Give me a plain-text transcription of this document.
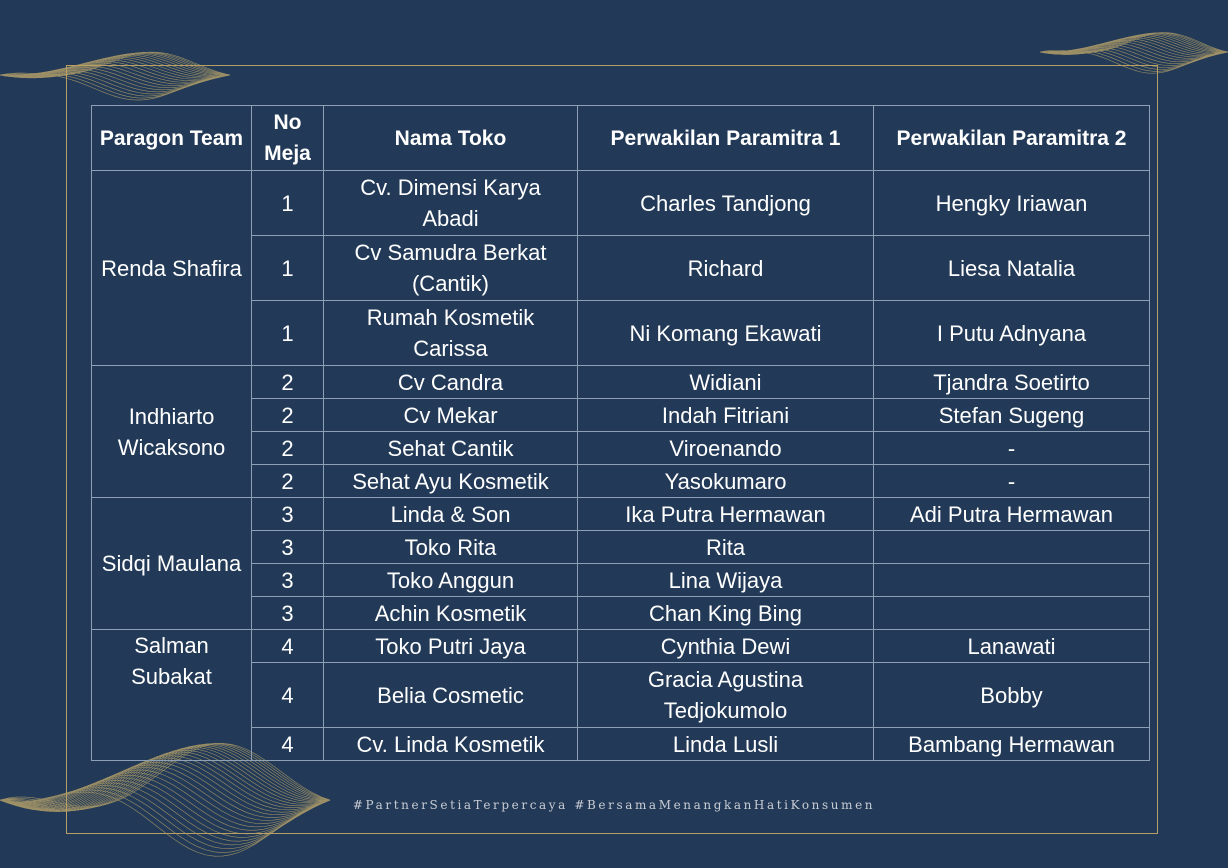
Paragon Team	No Meja	Nama Toko	Perwakilan Paramitra 1	Perwakilan Paramitra 2
Renda Shafira	1	Cv. Dimensi Karya Abadi	Charles Tandjong	Hengky Iriawan
	1	Cv Samudra Berkat (Cantik)	Richard	Liesa Natalia
	1	Rumah Kosmetik Carissa	Ni Komang Ekawati	I Putu Adnyana
Indhiarto Wicaksono	2	Cv Candra	Widiani	Tjandra Soetirto
	2	Cv Mekar	Indah Fitriani	Stefan Sugeng
	2	Sehat Cantik	Viroenando	-
	2	Sehat Ayu Kosmetik	Yasokumaro	-
Sidqi Maulana	3	Linda & Son	Ika Putra Hermawan	Adi Putra Hermawan
	3	Toko Rita	Rita	
	3	Toko Anggun	Lina Wijaya	
	3	Achin Kosmetik	Chan King Bing	
Salman Subakat	4	Toko Putri Jaya	Cynthia Dewi	Lanawati
	4	Belia Cosmetic	Gracia Agustina Tedjokumolo	Bobby
	4	Cv. Linda Kosmetik	Linda Lusli	Bambang Hermawan
#PartnerSetiaTerpercaya #BersamaMenangkanHatiKonsumen
